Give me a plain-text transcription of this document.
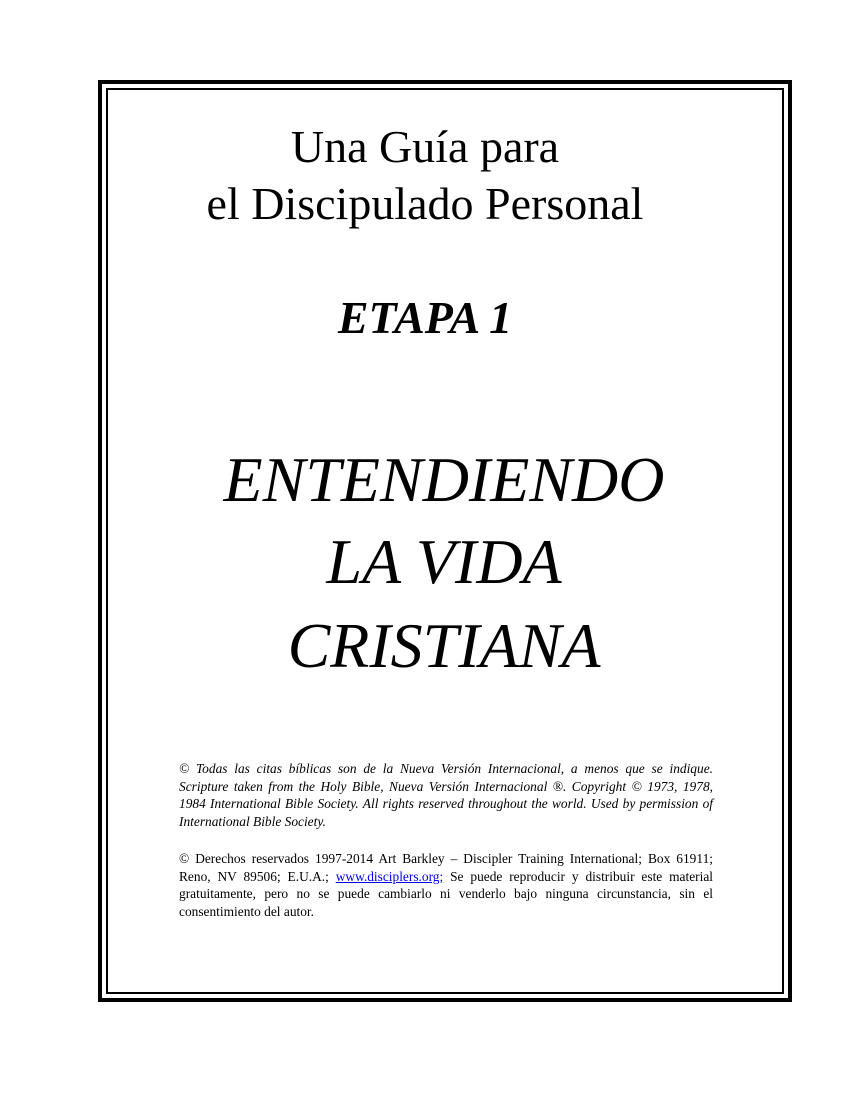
Una Guía para
el Discipulado Personal
ETAPA 1
ENTENDIENDO
LA VIDA
CRISTIANA
© Todas las citas bíblicas son de la Nueva Versión Internacional, a menos que se indique. Scripture taken from the Holy Bible, Nueva Versión Internacional ®. Copyright © 1973, 1978, 1984 International Bible Society. All rights reserved throughout the world. Used by permission of International Bible Society.
© Derechos reservados 1997-2014 Art Barkley – Discipler Training International; Box 61911; Reno, NV 89506; E.U.A.; www.disciplers.org; Se puede reproducir y distribuir este material gratuitamente, pero no se puede cambiarlo ni venderlo bajo ninguna circunstancia, sin el consentimiento del autor.
